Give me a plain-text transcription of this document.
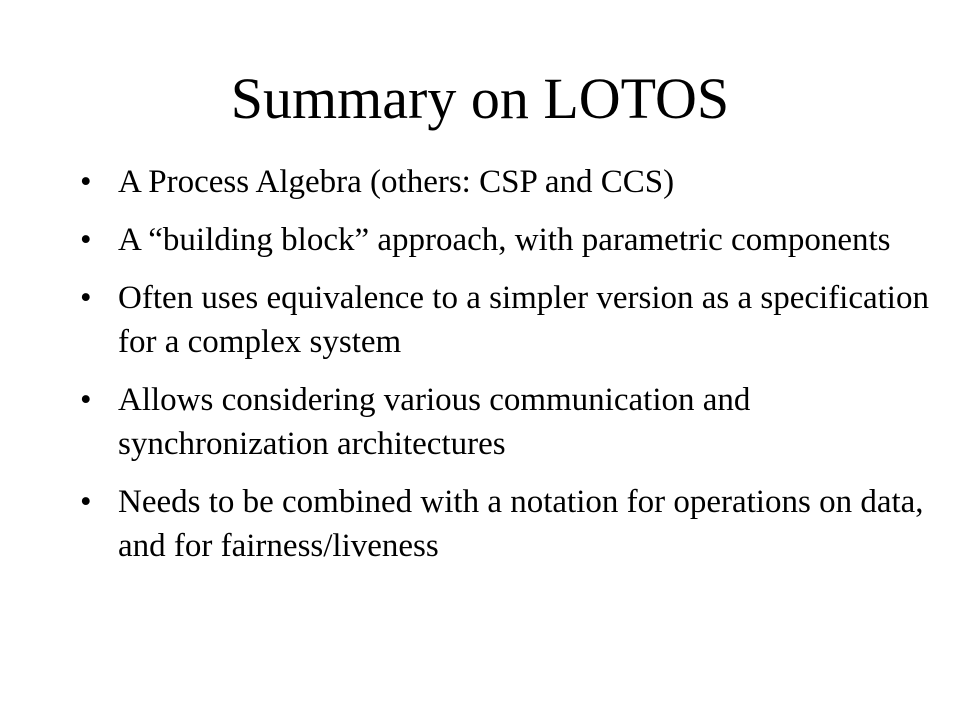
Summary on LOTOS
• A Process Algebra (others: CSP and CCS)
• A “building block” approach, with parametric components
• Often uses equivalence to a simpler version as a specification for a complex system
• Allows considering various communication and synchronization architectures
• Needs to be combined with a notation for operations on data, and for fairness/liveness
